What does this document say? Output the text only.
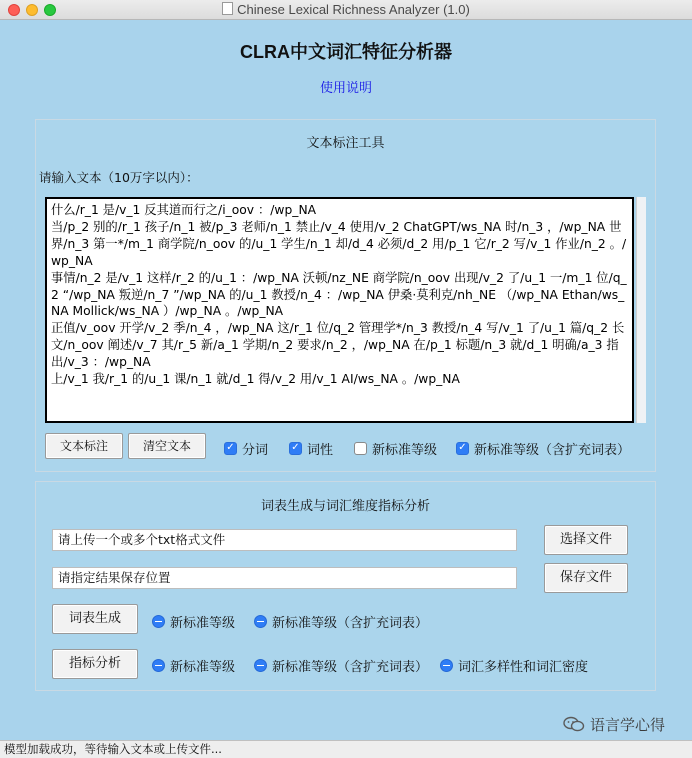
Chinese Lexical Richness Analyzer (1.0)
CLRA中文词汇特征分析器
使用说明
文本标注工具
请输入文本（10万字以内）：
什么/r_1 是/v_1 反其道而行之/i_oov ：/wp_NA
当/p_2 别的/r_1 孩子/n_1 被/p_3 老师/n_1 禁止/v_4 使用/v_2 ChatGPT/ws_NA 时/n_3 ，/wp_NA 世界/n_3 第一*/m_1 商学院/n_oov 的/u_1 学生/n_1 却/d_4 必须/d_2 用/p_1 它/r_2 写/v_1 作业/n_2 。/wp_NA
事情/n_2 是/v_1 这样/r_2 的/u_1 ：/wp_NA 沃顿/nz_NE 商学院/n_oov 出现/v_2 了/u_1 一/m_1 位/q_2 “/wp_NA 叛逆/n_7 ”/wp_NA 的/u_1 教授/n_4 ：/wp_NA 伊桑·莫利克/nh_NE （/wp_NA Ethan/ws_NA Mollick/ws_NA ）/wp_NA 。/wp_NA
正值/v_oov 开学/v_2 季/n_4 ，/wp_NA 这/r_1 位/q_2 管理学*/n_3 教授/n_4 写/v_1 了/u_1 篇/q_2 长文/n_oov 阐述/v_7 其/r_5 新/a_1 学期/n_2 要求/n_2 ，/wp_NA 在/p_1 标题/n_3 就/d_1 明确/a_3 指出/v_3 ：/wp_NA
上/v_1 我/r_1 的/u_1 课/n_1 就/d_1 得/v_2 用/v_1 AI/ws_NA 。/wp_NA
文本标注	清空文本	✓ 分词 ✓ 词性	新标准等级 ✓ 新标准等级（含扩充词表）
词表生成与词汇维度指标分析
请上传一个或多个txt格式文件	选择文件
请指定结果保存位置	保存文件
词表生成	新标准等级	新标准等级（含扩充词表）
指标分析	新标准等级	新标准等级（含扩充词表） 词汇多样性和词汇密度
语言学心得
模型加载成功，等待输入文本或上传文件...
